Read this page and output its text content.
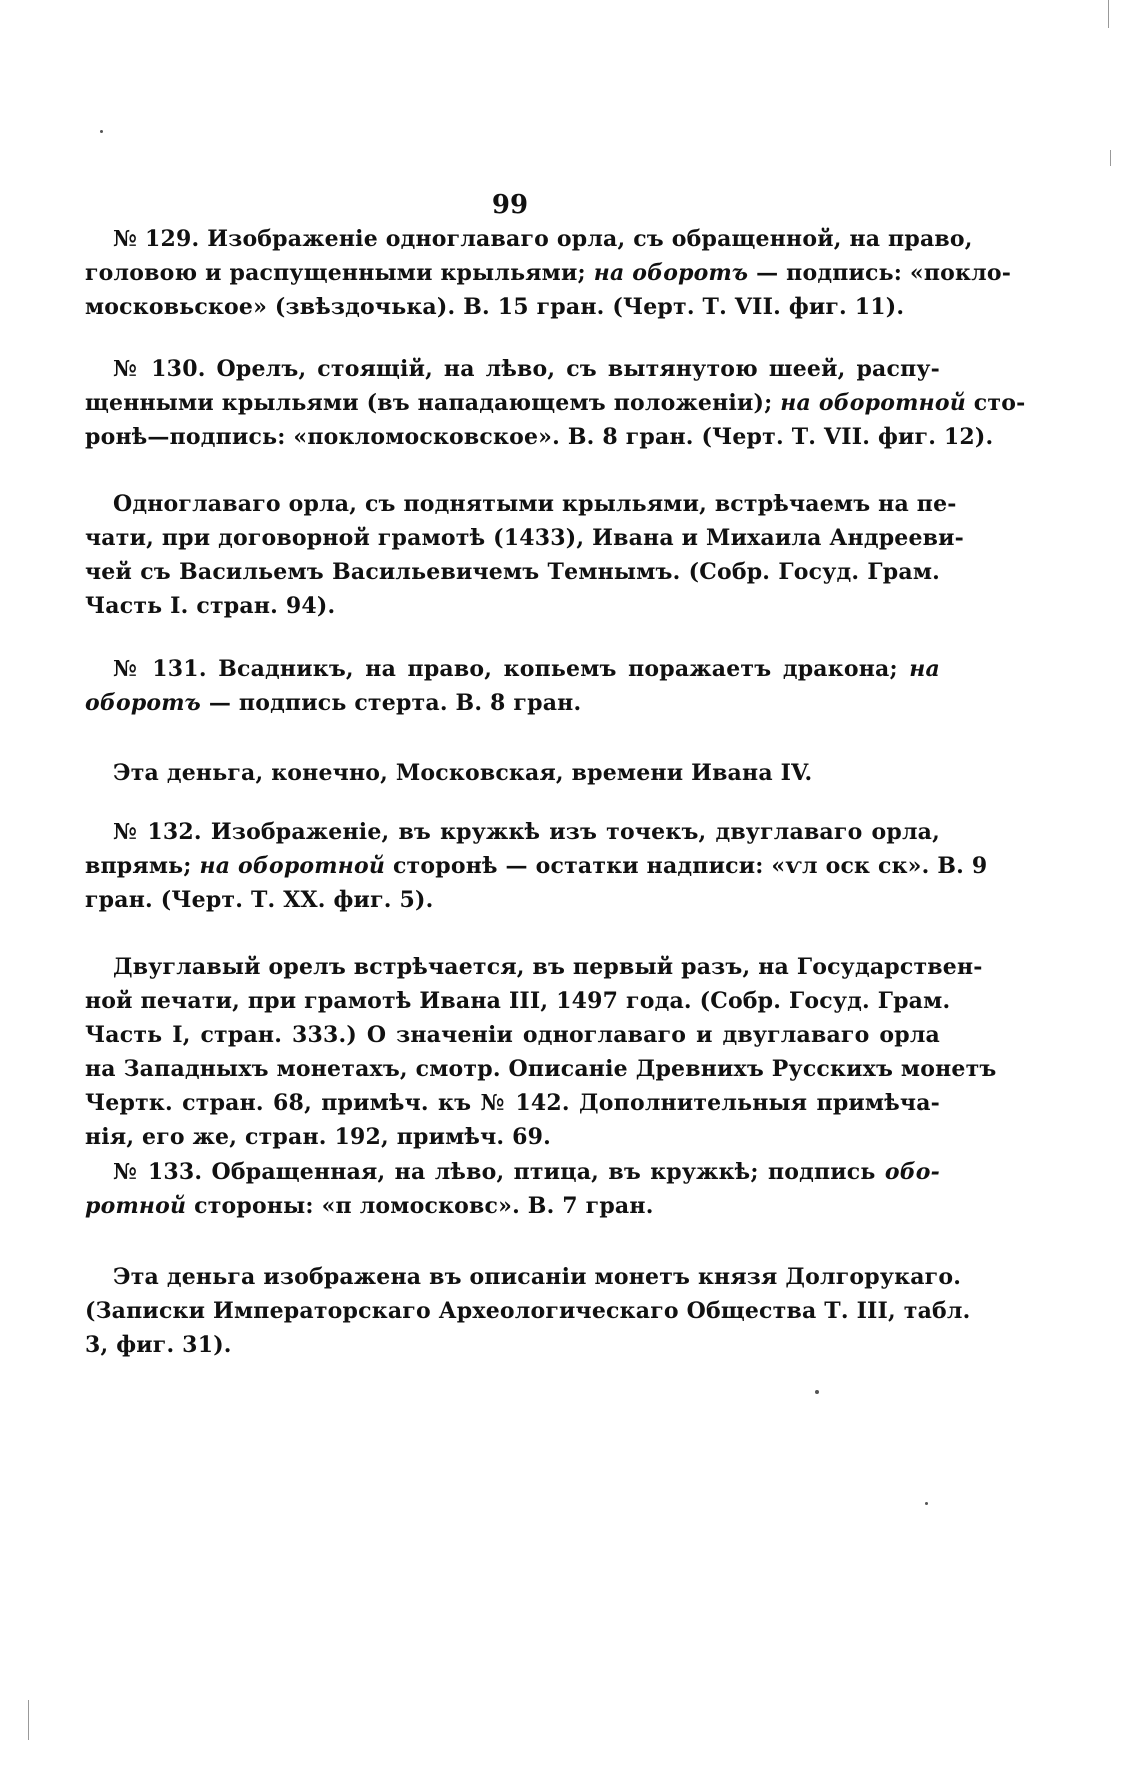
99
№ 129. Изображеніе одноглаваго орла, съ обращенной, на право,
головою и распущенными крыльями; на оборотъ — подпись: «поклo-
московьское» (звѣздочька). В. 15 гран. (Черт. Т. VII. фиг. 11).
№ 130. Орелъ, стоящій, на лѣво, съ вытянутою шеей, распу-
щенными крыльями (въ нападающемъ положеніи); на оборотной сто-
ронѣ—подпись: «поклoмосковское». В. 8 гран. (Черт. Т. VII. фиг. 12).
Одноглаваго орла, съ поднятыми крыльями, встрѣчаемъ на пе-
чати, при договорной грамотѣ (1433), Ивана и Михаила Андрееви-
чей съ Васильемъ Васильевичемъ Темнымъ. (Собр. Госуд. Грам.
Часть I. стран. 94).
№ 131. Всадникъ, на право, копьемъ поражаетъ дракона; на
оборотъ — подпись стерта. В. 8 гран.
Эта деньга, конечно, Московская, времени Ивана IV.
№ 132. Изображеніе, въ кружкѣ изъ точекъ, двуглаваго орла,
впрямь; на оборотной сторонѣ — остатки надписи: «ѵл оск ск». В. 9
гран. (Черт. Т. XX. фиг. 5).
Двуглавый орелъ встрѣчается, въ первый разъ, на Государствен-
ной печати, при грамотѣ Ивана III, 1497 года. (Собр. Госуд. Грам.
Часть I, стран. 333.) О значеніи одноглаваго и двуглаваго орла
на Западныхъ монетахъ, смотр. Описаніе Древнихъ Русскихъ монетъ
Чертк. стран. 68, примѣч. къ № 142. Дополнительныя примѣча-
нія, его же, стран. 192, примѣч. 69.
№ 133. Обращенная, на лѣво, птица, въ кружкѣ; подпись обо-
ротной стороны: «п ломосковс». В. 7 гран.
Эта деньга изображена въ описаніи монетъ князя Долгорукаго.
(Записки Императорскаго Археологическаго Общества Т. III, табл.
3, фиг. 31).
